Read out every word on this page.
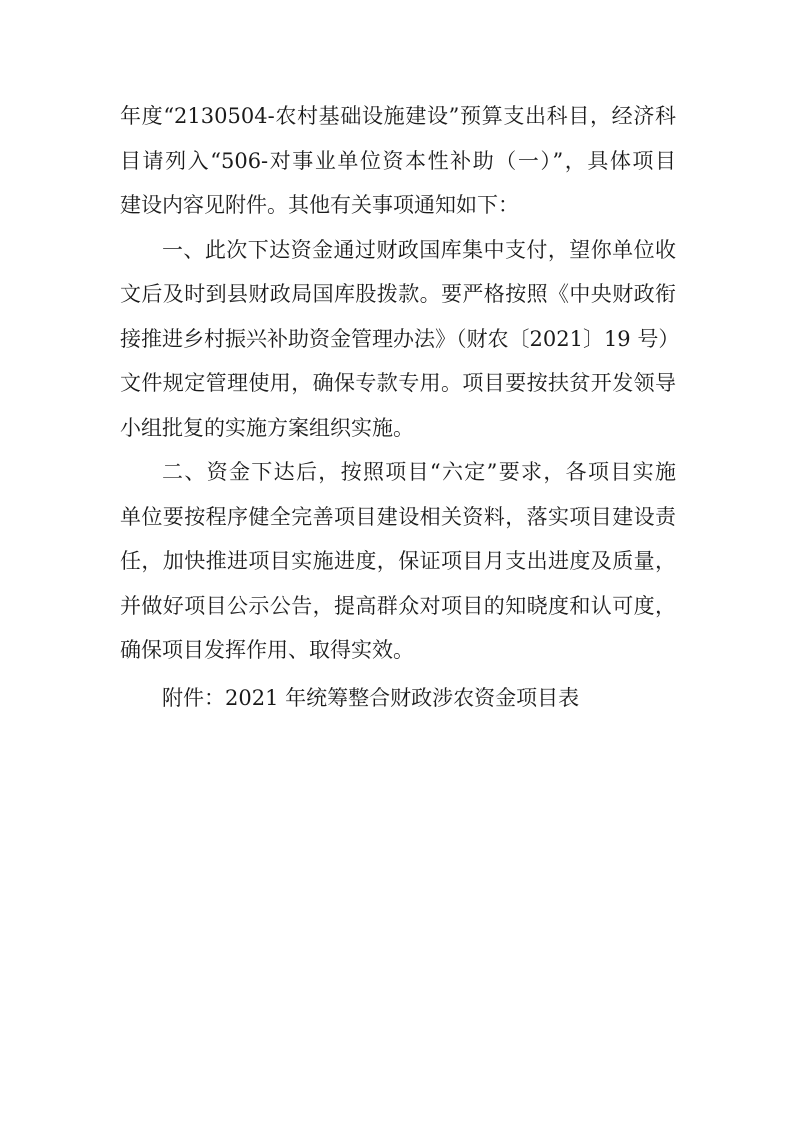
年度“2130504-农村基础设施建设”预算支出科目，经济科
目请列入“506-对事业单位资本性补助（一）”，具体项目
建设内容见附件。其他有关事项通知如下：
一、此次下达资金通过财政国库集中支付，望你单位收
文后及时到县财政局国库股拨款。要严格按照《中央财政衔
接推进乡村振兴补助资金管理办法》（财农〔2021〕19 号）
文件规定管理使用，确保专款专用。项目要按扶贫开发领导
小组批复的实施方案组织实施。
二、资金下达后，按照项目“六定”要求，各项目实施
单位要按程序健全完善项目建设相关资料，落实项目建设责
任，加快推进项目实施进度，保证项目月支出进度及质量，
并做好项目公示公告，提高群众对项目的知晓度和认可度，
确保项目发挥作用、取得实效。
附件：2021 年统筹整合财政涉农资金项目表
